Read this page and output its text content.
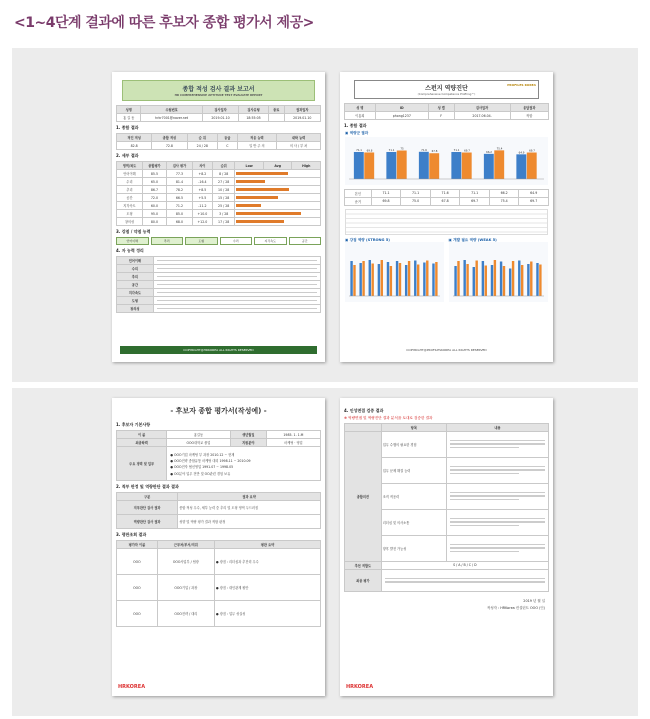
<1~4단계 결과에 따른 후보자 종합 평가서 제공>
종합 적성 검사 결과 보고서
HR COMPREHENSIVE APTITUDE TEST EVALUATE REPORT
성명	수험번호	검사일자	검사유형	종료	결과일자
홍 길 동	hrkr7001@naver.net	2019.01.10	18:55:05		2019.01.10
1. 종합 결과
적인 적성	종합 적성	순 위	등급	적응 능력	대학 능력
82.8	72.8	24 / 28	C	일 반 주 의	의 사 / 부 처
2. 세부 결과
영역/척도	종합평가	검사 평가	차이	순위	Low	Avg	High
언어이해	85.5	77.3	+8.2	8 / 28			

수리	65.0	81.4	-16.4	27 / 28			

추리	86.7	78.2	+8.5	10 / 28			

공간	72.0	66.5	+5.5	15 / 28			

지각속도	60.0	71.2	-11.2	25 / 28			

도형	95.0	85.0	+10.0	3 / 28			

창의성	80.0	68.0	+12.0	17 / 28			
3. 강점 / 약점 능력
언어이해	추리	도형	수리	지각속도	공간
4. 자 능력 정리
언어이해	

수리	

추리	

공간	

지각속도	

도형	

창의성	
COPYRIGHT@HRKOREA ALL RIGHTS RESERVED
스펀지 역량진단
(Comprehensive Competence Profiling™)
PROFILES KOREA
성 명	ID	성 별	검사일자	응답결과
이홍희	phong1237	F	2017.06.04.	적합
1. 종합 결과
▣ 역량군 결과
71.1 69.8	71.1 75	71.6 67.8	71.1 69.7	66.2
75.4
64.9
69.7
본인	71.1	71.1	71.6	71.1	66.2	64.9
준거	69.8	75.0	67.8	69.7	75.4	69.7
▣ 강점 역량 (STRONG 5)	▣ 개발 필요 역량 (WEAK 5)
COPYRIGHT@PROFILESKOREA ALL RIGHTS RESERVED
- 후보자 종합 평가서(작성예) -
1. 후보자 기본사항
이 름	홍길동	생년월일	1985. 1. 1.M
최종학력	OOO대학교 졸업	지원분야	마케팅 · 영업
주요 경력 및 업무	● OOO기업 마케팅 부 과장 2010.12 ~ 현재
● OOO전략 종합유통 마케팅 대리 1998.11 ~ 2010.09
● OOO전자 협신영업 1991.07 ~ 1998.05
● OO분야 업무 전반 및 OO관련 경험 보유		
2. 적부 판정 및 역량판단 결과 결과
구분	결과 요약
직무판단 검사 결과	종합 적성 우수, 세부 능력 중 추리 및 도형 영역 두드러짐
역량판단 검사 결과	성향 및 역량 평가 결과 적합 판정
3. 평판조회 결과
평가자 이름	근무처/부서/직위	평판 요약
OOO	OOO사업부 / 팀장	● 장점 : 리더십과 추진력 우수
OOO	OOO기업 / 과장	● 장점 : 대인관계 원만
OOO	OOO전략 / 대리	● 장점 : 업무 성실성
HRKOREA
4. 인성면접 검증 결과
※ 역량면접 및 역량진단 결과 분석을 토대로 검증한 결과
	항목	내용
종합의견	업무 수행의 필요한 경험	

	업무 문제 해결 능력	

	조직 적응력	

	리더십 및 의사소통	

	향후 발전 가능성	

추천 적합도	S / A / B / C / D	
최종 평가		
2019 년 월 일
작성자 : HRKorea 컨설턴트 OOO (인)
HRKOREA
